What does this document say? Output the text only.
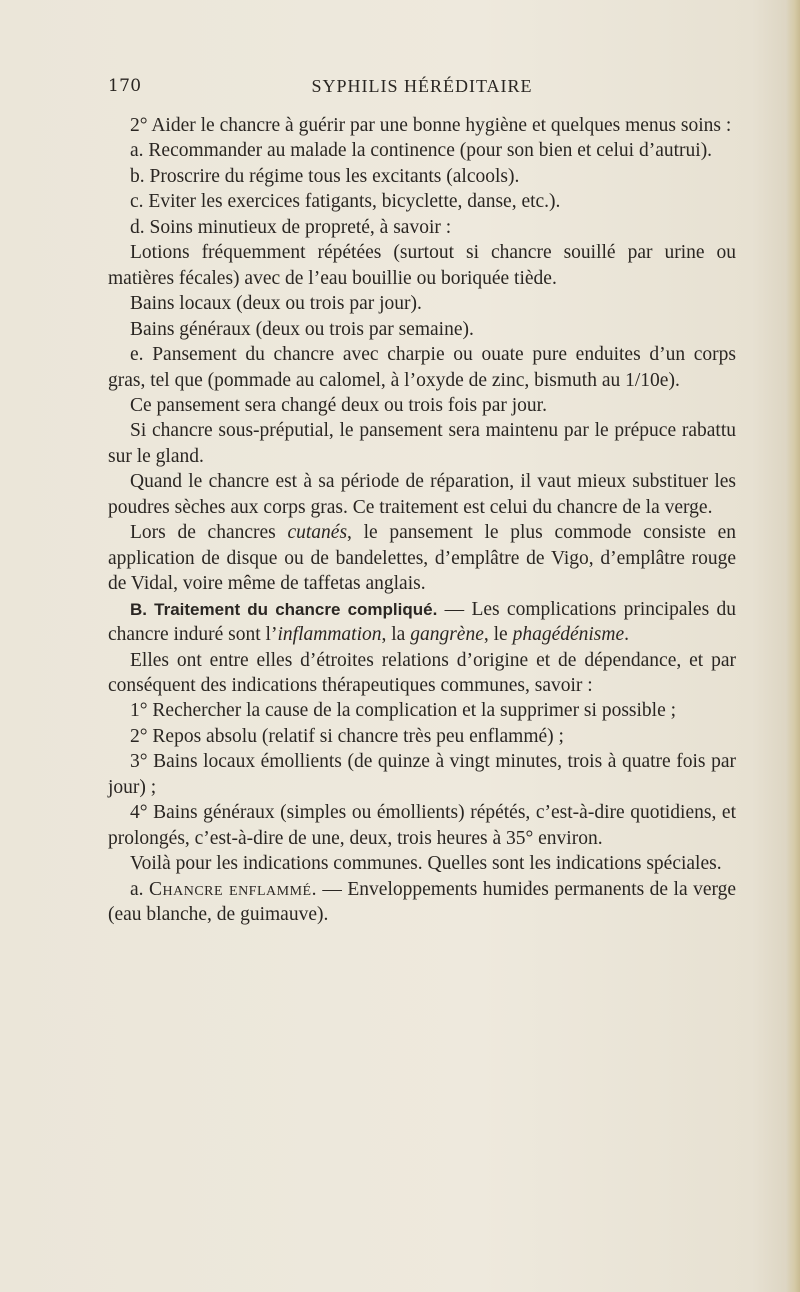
170	SYPHILIS HÉRÉDITAIRE

2° Aider le chancre à guérir par une bonne hygiène et quelques menus soins :

a. Recommander au malade la continence (pour son bien et celui d’autrui).

b. Proscrire du régime tous les excitants (alcools).

c. Eviter les exercices fatigants, bicyclette, danse, etc.).

d. Soins minutieux de propreté, à savoir :

Lotions fréquemment répétées (surtout si chancre souillé par urine ou matières fécales) avec de l’eau bouillie ou boriquée tiède.

Bains locaux (deux ou trois par jour).

Bains généraux (deux ou trois par semaine).

e. Pansement du chancre avec charpie ou ouate pure enduites d’un corps gras, tel que (pommade au calomel, à l’oxyde de zinc, bismuth au 1/10e).

Ce pansement sera changé deux ou trois fois par jour.

Si chancre sous-préputial, le pansement sera maintenu par le prépuce rabattu sur le gland.

Quand le chancre est à sa période de réparation, il vaut mieux substituer les poudres sèches aux corps gras. Ce traitement est celui du chancre de la verge.

Lors de chancres cutanés, le pansement le plus commode consiste en application de disque ou de bandelettes, d’emplâtre de Vigo, d’emplâtre rouge de Vidal, voire même de taffetas anglais.

B. Traitement du chancre compliqué. — Les complications principales du chancre induré sont l’inflammation, la gangrène, le phagédénisme.

Elles ont entre elles d’étroites relations d’origine et de dépendance, et par conséquent des indications thérapeutiques communes, savoir :

1° Rechercher la cause de la complication et la supprimer si possible ;

2° Repos absolu (relatif si chancre très peu enflammé) ;

3° Bains locaux émollients (de quinze à vingt minutes, trois à quatre fois par jour) ;

4° Bains généraux (simples ou émollients) répétés, c’est-à-dire quotidiens, et prolongés, c’est-à-dire de une, deux, trois heures à 35° environ.

Voilà pour les indications communes. Quelles sont les indications spéciales.

a. Chancre enflammé. — Enveloppements humides permanents de la verge (eau blanche, de guimauve).
